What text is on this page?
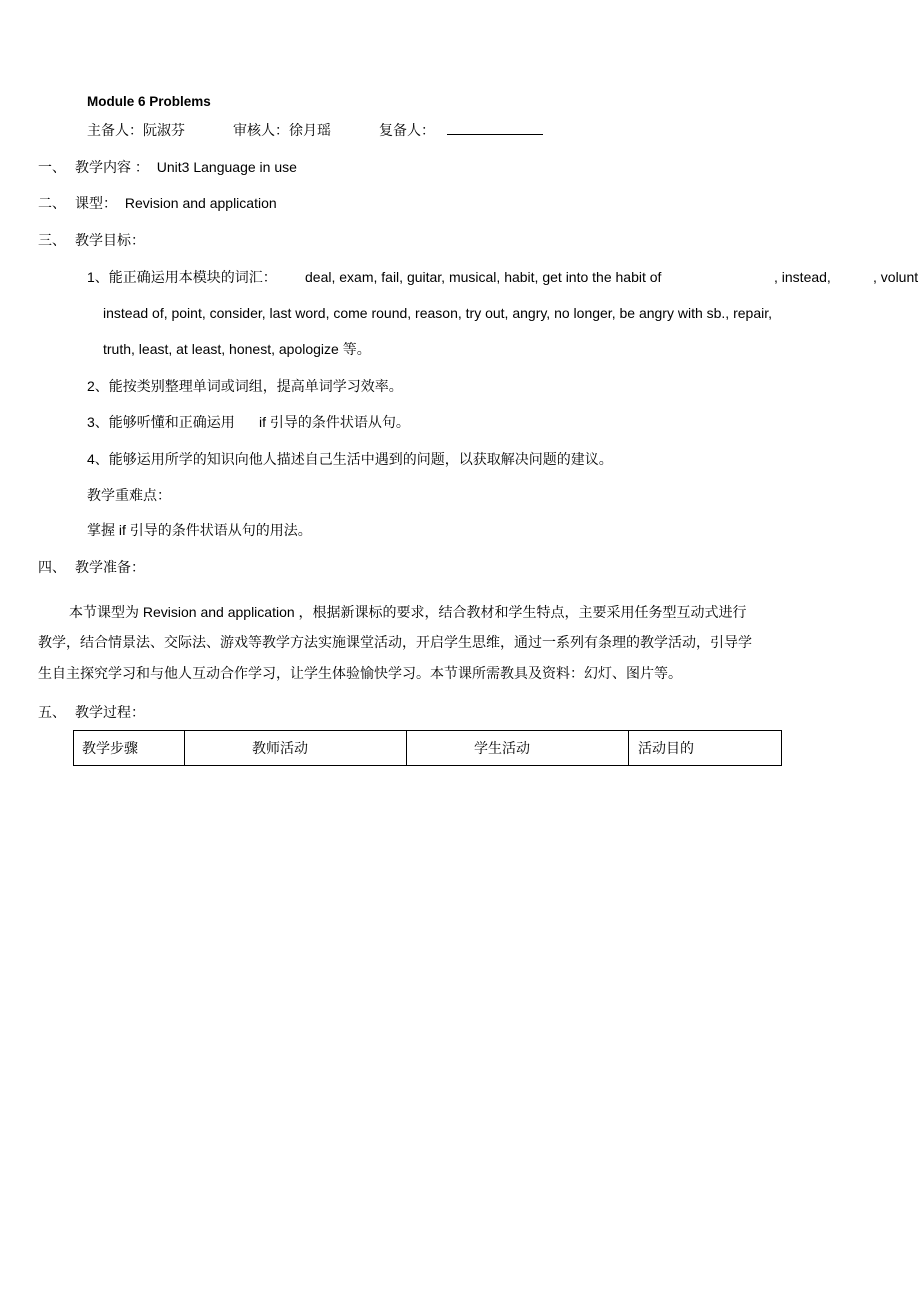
Module 6 Problems
主备人：阮淑芬	审核人：徐月瑶	复备人：
一、 教学内容 ： Unit3 Language in use
二、 课型： Revision and application
三、 教学目标：
1、能正确运用本模块的词汇： deal, exam, fail, guitar, musical, habit, get into the habit of	, instead,	, volunt
instead of, point, consider, last word, come round, reason, try out, angry, no longer, be angry with sb., repair,
truth, least, at least, honest, apologize 等。
2、能按类别整理单词或词组，提高单词学习效率。
3、能够听懂和正确运用 if 引导的条件状语从句。
4、能够运用所学的知识向他人描述自己生活中遇到的问题，以获取解决问题的建议。
教学重难点：
掌握 if 引导的条件状语从句的用法。
四、 教学准备：
本节课型为 Revision and application ，根据新课标的要求，结合教材和学生特点，主要采用任务型互动式进行
教学，结合情景法、交际法、游戏等教学方法实施课堂活动，开启学生思维，通过一系列有条理的教学活动，引导学
生自主探究学习和与他人互动合作学习，让学生体验愉快学习。本节课所需教具及资料：幻灯、图片等。
五、 教学过程：
教学步骤	教师活动	学生活动	活动目的
